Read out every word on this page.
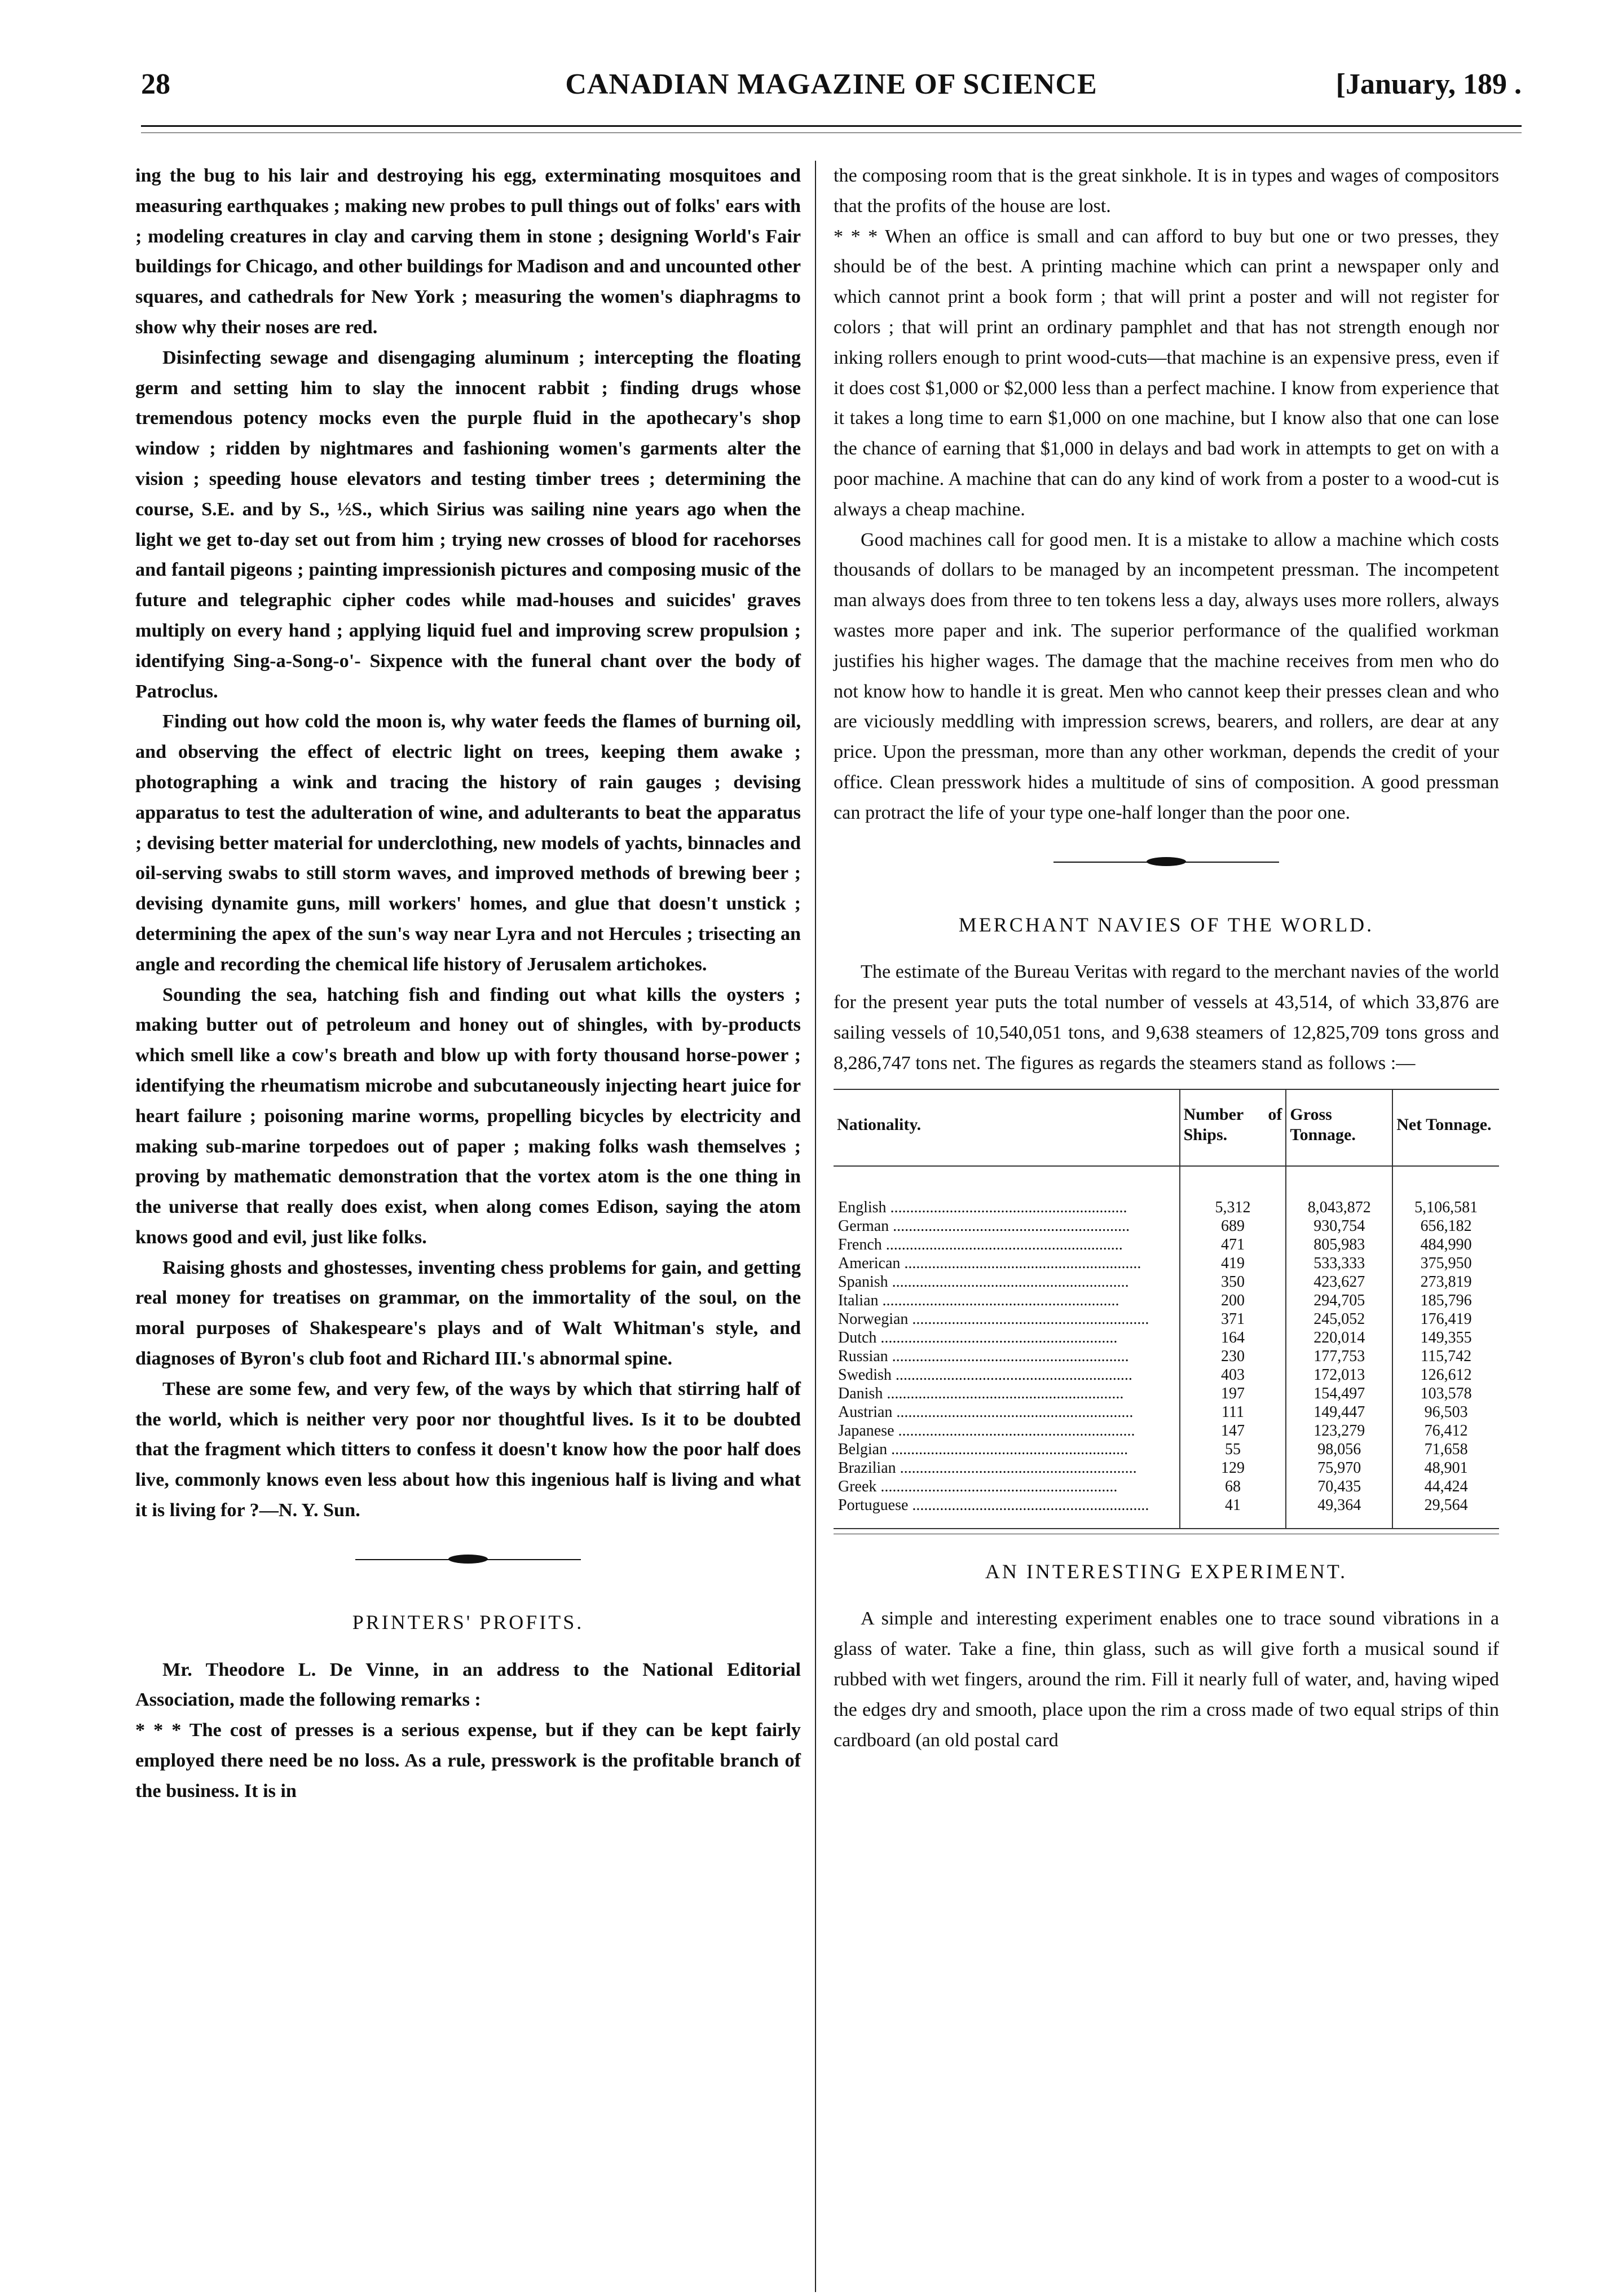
28	CANADIAN MAGAZINE OF SCIENCE	[January, 189 .

ing the bug to his lair and destroying his egg, exterminating mosquitoes and measuring earthquakes ; making new probes to pull things out of folks' ears with ; modeling creatures in clay and carving them in stone ; designing World's Fair buildings for Chicago, and other buildings for Madison and and uncounted other squares, and cathedrals for New York ; measuring the women's diaphragms to show why their noses are red.

Disinfecting sewage and disengaging aluminum ; intercepting the floating germ and setting him to slay the innocent rabbit ; finding drugs whose tremendous potency mocks even the purple fluid in the apothecary's shop window ; ridden by nightmares and fashioning women's garments alter the vision ; speeding house elevators and testing timber trees ; determining the course, S.E. and by S., ½S., which Sirius was sailing nine years ago when the light we get to-day set out from him ; trying new crosses of blood for racehorses and fantail pigeons ; painting impressionish pictures and composing music of the future and telegraphic cipher codes while mad-houses and suicides' graves multiply on every hand ; applying liquid fuel and improving screw propulsion ; identifying Sing-a-Song-o'- Sixpence with the funeral chant over the body of Patroclus.

Finding out how cold the moon is, why water feeds the flames of burning oil, and observing the effect of electric light on trees, keeping them awake ; photographing a wink and tracing the history of rain gauges ; devising apparatus to test the adulteration of wine, and adulterants to beat the apparatus ; devising better material for underclothing, new models of yachts, binnacles and oil-serving swabs to still storm waves, and improved methods of brewing beer ; devising dynamite guns, mill workers' homes, and glue that doesn't unstick ; determining the apex of the sun's way near Lyra and not Hercules ; trisecting an angle and recording the chemical life history of Jerusalem artichokes.

Sounding the sea, hatching fish and finding out what kills the oysters ; making butter out of petroleum and honey out of shingles, with by-products which smell like a cow's breath and blow up with forty thousand horse-power ; identifying the rheumatism microbe and subcutaneously injecting heart juice for heart failure ; poisoning marine worms, propelling bicycles by electricity and making sub-marine torpedoes out of paper ; making folks wash themselves ; proving by mathematic demonstration that the vortex atom is the one thing in the universe that really does exist, when along comes Edison, saying the atom knows good and evil, just like folks.

Raising ghosts and ghostesses, inventing chess problems for gain, and getting real money for treatises on grammar, on the immortality of the soul, on the moral purposes of Shakespeare's plays and of Walt Whitman's style, and diagnoses of Byron's club foot and Richard III.'s abnormal spine.

These are some few, and very few, of the ways by which that stirring half of the world, which is neither very poor nor thoughtful lives. Is it to be doubted that the fragment which titters to confess it doesn't know how the poor half does live, commonly knows even less about how this ingenious half is living and what it is living for ?—N. Y. Sun.

PRINTERS' PROFITS.

Mr. Theodore L. De Vinne, in an address to the National Editorial Association, made the following remarks :

* * * The cost of presses is a serious expense, but if they can be kept fairly employed there need be no loss. As a rule, presswork is the profitable branch of the business. It is in

the composing room that is the great sinkhole. It is in types and wages of compositors that the profits of the house are lost.

* * * When an office is small and can afford to buy but one or two presses, they should be of the best. A printing machine which can print a newspaper only and which cannot print a book form ; that will print a poster and will not register for colors ; that will print an ordinary pamphlet and that has not strength enough nor inking rollers enough to print wood-cuts—that machine is an expensive press, even if it does cost $1,000 or $2,000 less than a perfect machine. I know from experience that it takes a long time to earn $1,000 on one machine, but I know also that one can lose the chance of earning that $1,000 in delays and bad work in attempts to get on with a poor machine. A machine that can do any kind of work from a poster to a wood-cut is always a cheap machine.

Good machines call for good men. It is a mistake to allow a machine which costs thousands of dollars to be managed by an incompetent pressman. The incompetent man always does from three to ten tokens less a day, always uses more rollers, always wastes more paper and ink. The superior performance of the qualified workman justifies his higher wages. The damage that the machine receives from men who do not know how to handle it is great. Men who cannot keep their presses clean and who are viciously meddling with impression screws, bearers, and rollers, are dear at any price. Upon the pressman, more than any other workman, depends the credit of your office. Clean presswork hides a multitude of sins of composition. A good pressman can protract the life of your type one-half longer than the poor one.

MERCHANT NAVIES OF THE WORLD.

The estimate of the Bureau Veritas with regard to the merchant navies of the world for the present year puts the total number of vessels at 43,514, of which 33,876 are sailing vessels of 10,540,051 tons, and 9,638 steamers of 12,825,709 tons gross and 8,286,747 tons net. The figures as regards the steamers stand as follows :—

Nationality.	Number of Ships.	Gross Tonnage.	Net Tonnage.
English ............................................................	5,312	8,043,872	5,106,581
German ............................................................	689	930,754	656,182
French ............................................................	471	805,983	484,990
American ............................................................	419	533,333	375,950
Spanish ............................................................	350	423,627	273,819
Italian ............................................................	200	294,705	185,796
Norwegian ............................................................	371	245,052	176,419
Dutch ............................................................	164	220,014	149,355
Russian ............................................................	230	177,753	115,742
Swedish ............................................................	403	172,013	126,612
Danish ............................................................	197	154,497	103,578
Austrian ............................................................	111	149,447	96,503
Japanese ............................................................	147	123,279	76,412
Belgian ............................................................	55	98,056	71,658
Brazilian ............................................................	129	75,970	48,901
Greek ............................................................	68	70,435	44,424
Portuguese ............................................................	41	49,364	29,564
AN INTERESTING EXPERIMENT.

A simple and interesting experiment enables one to trace sound vibrations in a glass of water. Take a fine, thin glass, such as will give forth a musical sound if rubbed with wet fingers, around the rim. Fill it nearly full of water, and, having wiped the edges dry and smooth, place upon the rim a cross made of two equal strips of thin cardboard (an old postal card
